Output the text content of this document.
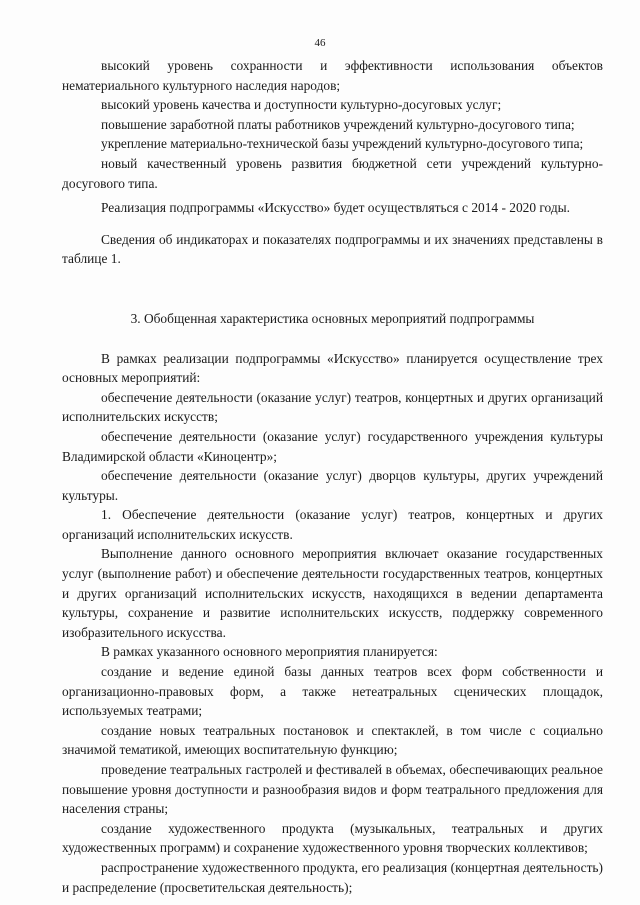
46

высокий уровень сохранности и эффективности использования объектов нематериального культурного наследия народов;

высокий уровень качества и доступности культурно-досуговых услуг;

повышение заработной платы работников учреждений культурно-досугового типа;

укрепление материально-технической базы учреждений культурно-досугового типа;

новый качественный уровень развития бюджетной сети учреждений культурно-досугового типа.

Реализация подпрограммы «Искусство» будет осуществляться с 2014 - 2020 годы.

Сведения об индикаторах и показателях подпрограммы и их значениях представлены в таблице 1.

3. Обобщенная характеристика основных мероприятий подпрограммы

В рамках реализации подпрограммы «Искусство» планируется осуществление трех основных мероприятий:

обеспечение деятельности (оказание услуг) театров, концертных и других организаций исполнительских искусств;

обеспечение деятельности (оказание услуг) государственного учреждения культуры Владимирской области «Киноцентр»;

обеспечение деятельности (оказание услуг) дворцов культуры, других учреждений культуры.

1. Обеспечение деятельности (оказание услуг) театров, концертных и других организаций исполнительских искусств.

Выполнение данного основного мероприятия включает оказание государственных услуг (выполнение работ) и обеспечение деятельности государственных театров, концертных и других организаций исполнительских искусств, находящихся в ведении департамента культуры, сохранение и развитие исполнительских искусств, поддержку современного изобразительного искусства.

В рамках указанного основного мероприятия планируется:

создание и ведение единой базы данных театров всех форм собственности и организационно-правовых форм, а также нетеатральных сценических площадок, используемых театрами;

создание новых театральных постановок и спектаклей, в том числе с социально значимой тематикой, имеющих воспитательную функцию;

проведение театральных гастролей и фестивалей в объемах, обеспечивающих реальное повышение уровня доступности и разнообразия видов и форм театрального предложения для населения страны;

создание художественного продукта (музыкальных, театральных и других художественных программ) и сохранение художественного уровня творческих коллективов;

распространение художественного продукта, его реализация (концертная деятельность) и распределение (просветительская деятельность);
